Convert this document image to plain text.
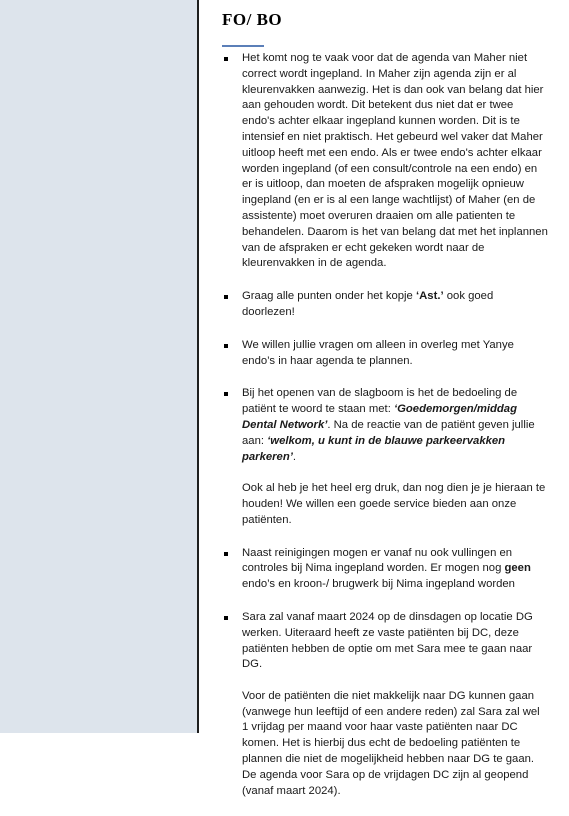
FO/ BO

Het komt nog te vaak voor dat de agenda van Maher niet correct wordt ingepland. In Maher zijn agenda zijn er al kleurenvakken aanwezig. Het is dan ook van belang dat hier aan gehouden wordt. Dit betekent dus niet dat er twee endo's achter elkaar ingepland kunnen worden. Dit is te intensief en niet praktisch. Het gebeurd wel vaker dat Maher uitloop heeft met een endo. Als er twee endo's achter elkaar worden ingepland (of een consult/controle na een endo) en er is uitloop, dan moeten de afspraken mogelijk opnieuw ingepland (en er is al een lange wachtlijst) of Maher (en de assistente) moet overuren draaien om alle patienten te behandelen. Daarom is het van belang dat met het inplannen van de afspraken er echt gekeken wordt naar de kleurenvakken in de agenda.

Graag alle punten onder het kopje ‘Ast.’ ook goed doorlezen!

We willen jullie vragen om alleen in overleg met Yanye endo’s in haar agenda te plannen.

Bij het openen van de slagboom is het de bedoeling de patiënt te woord te staan met: ‘Goedemorgen/middag Dental Network’. Na de reactie van de patiënt geven jullie aan: ‘welkom, u kunt in de blauwe parkeervakken parkeren’.

Ook al heb je het heel erg druk, dan nog dien je je hieraan te houden! We willen een goede service bieden aan onze patiënten.

Naast reinigingen mogen er vanaf nu ook vullingen en controles bij Nima ingepland worden. Er mogen nog geen endo’s en kroon-/ brugwerk bij Nima ingepland worden

Sara zal vanaf maart 2024 op de dinsdagen op locatie DG werken. Uiteraard heeft ze vaste patiënten bij DC, deze patiënten hebben de optie om met Sara mee te gaan naar DG.

Voor de patiënten die niet makkelijk naar DG kunnen gaan (vanwege hun leeftijd of een andere reden) zal Sara zal wel 1 vrijdag per maand voor haar vaste patiënten naar DC komen. Het is hierbij dus echt de bedoeling patiënten te plannen die niet de mogelijkheid hebben naar DG te gaan. De agenda voor Sara op de vrijdagen DC zijn al geopend (vanaf maart 2024).
